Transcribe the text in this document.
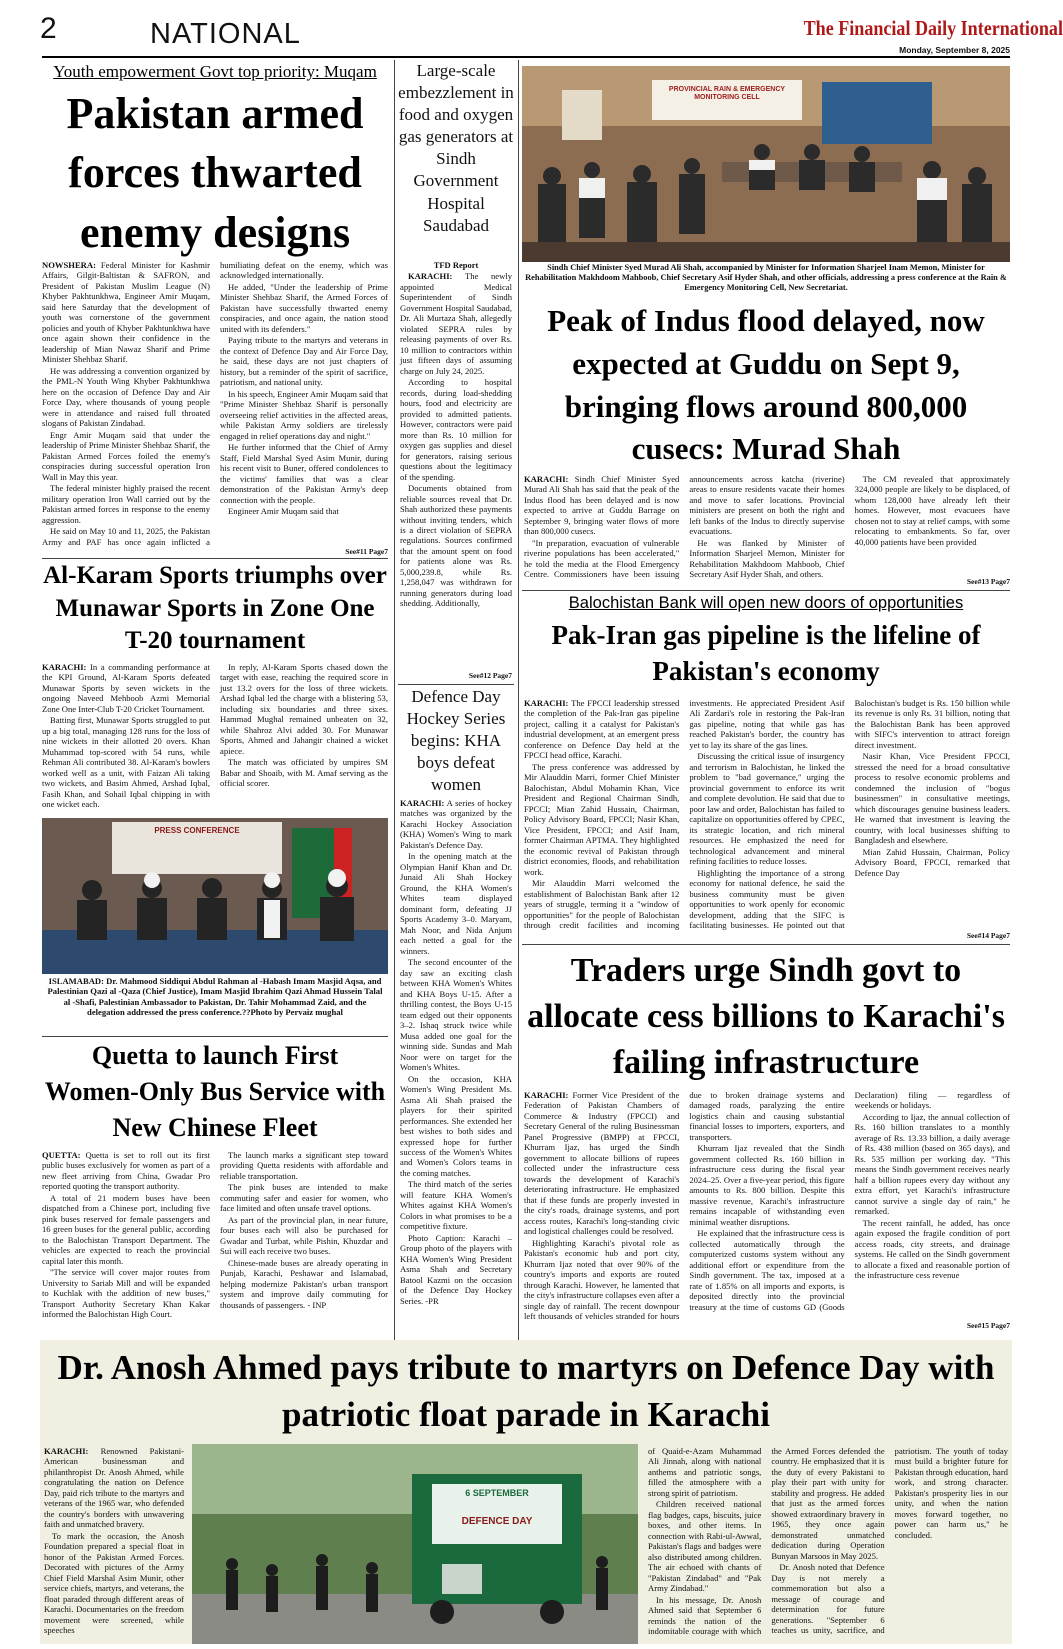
2	NATIONAL	The Financial Daily International
Monday, September 8, 2025
Youth empowerment Govt top priority: Muqam
Pakistan armed forces thwarted enemy designs

NOWSHERA: Federal Minister for Kashmir Affairs, Gilgit-Baltistan & SAFRON, and President of Pakistan Muslim League (N) Khyber Pakhtunkhwa, Engineer Amir Muqam, said here Saturday that the development of youth was cornerstone of the government policies and youth of Khyber Pakhtunkhwa have once again shown their confidence in the leadership of Mian Nawaz Sharif and Prime Minister Shehbaz Sharif.

He was addressing a convention organized by the PML-N Youth Wing Khyber Pakhtunkhwa here on the occasion of Defence Day and Air Force Day, where thousands of young people were in attendance and raised full throated slogans of Pakistan Zindabad.

Engr Amir Muqam said that under the leadership of Prime Minister Shehbaz Sharif, the Pakistan Armed Forces foiled the enemy's conspiracies during successful operation Iron Wall in May this year.

The federal minister highly praised the recent military operation Iron Wall carried out by the Pakistan armed forces in response to the enemy aggression.

He said on May 10 and 11, 2025, the Pakistan Army and PAF has once again inflicted a humiliating defeat on the enemy, which was acknowledged internationally.

He added, "Under the leadership of Prime Minister Shehbaz Sharif, the Armed Forces of Pakistan have successfully thwarted enemy conspiracies, and once again, the nation stood united with its defenders."

Paying tribute to the martyrs and veterans in the context of Defence Day and Air Force Day, he said, these days are not just chapters of history, but a reminder of the spirit of sacrifice, patriotism, and national unity.

In his speech, Engineer Amir Muqam said that "Prime Minister Shehbaz Sharif is personally overseeing relief activities in the affected areas, while Pakistan Army soldiers are tirelessly engaged in relief operations day and night."

He further informed that the Chief of Army Staff, Field Marshal Syed Asim Munir, during his recent visit to Buner, offered condolences to the victims' families that was a clear demonstration of the Pakistan Army's deep connection with the people.

Engineer Amir Muqam said that

See#11 Page7
Al-Karam Sports triumphs over Munawar Sports in Zone One T-20 tournament

KARACHI: In a commanding performance at the KPI Ground, Al-Karam Sports defeated Munawar Sports by seven wickets in the ongoing Naveed Mehboob Azmi Memorial Zone One Inter-Club T-20 Cricket Tournament.

Batting first, Munawar Sports struggled to put up a big total, managing 128 runs for the loss of nine wickets in their allotted 20 overs. Khan Muhammad top-scored with 54 runs, while Rehman Ali contributed 38. Al-Karam's bowlers worked well as a unit, with Faizan Ali taking two wickets, and Basim Ahmed, Arshad Iqbal, Fasih Khan, and Sohail Iqbal chipping in with one wicket each.

In reply, Al-Karam Sports chased down the target with ease, reaching the required score in just 13.2 overs for the loss of three wickets. Arshad Iqbal led the charge with a blistering 53, including six boundaries and three sixes. Hammad Mughal remained unbeaten on 32, while Shahroz Alvi added 30. For Munawar Sports, Ahmed and Jahangir chained a wicket apiece.

The match was officiated by umpires SM Babar and Shoaib, with M. Amaf serving as the official scorer.

PRESS CONFERENCE
ISLAMABAD: Dr. Mahmood Siddiqui Abdul Rahman al -Habash Imam Masjid Aqsa, and Palestinian Qazi al -Qaza (Chief Justice), Imam Masjid Ibrahim Qazi Ahmad Hussein Talal al -Shafi, Palestinian Ambassador to Pakistan, Dr. Tahir Mohammad Zaid, and the delegation addressed the press conference.??Photo by Pervaiz mughal
Quetta to launch First Women-Only Bus Service with New Chinese Fleet

QUETTA: Quetta is set to roll out its first public buses exclusively for women as part of a new fleet arriving from China, Gwadar Pro reported quoting the transport authority.

A total of 21 modern buses have been dispatched from a Chinese port, including five pink buses reserved for female passengers and 16 green buses for the general public, according to the Balochistan Transport Department. The vehicles are expected to reach the provincial capital later this month.

"The service will cover major routes from University to Sariab Mill and will be expanded to Kuchlak with the addition of new buses," Transport Authority Secretary Khan Kakar informed the Balochistan High Court.

The launch marks a significant step toward providing Quetta residents with affordable and reliable transportation.

The pink buses are intended to make commuting safer and easier for women, who face limited and often unsafe travel options.

As part of the provincial plan, in near future, four buses each will also be purchased for Gwadar and Turbat, while Pishin, Khuzdar and Sui will each receive two buses.

Chinese-made buses are already operating in Punjab, Karachi, Peshawar and Islamabad, helping modernize Pakistan's urban transport system and improve daily commuting for thousands of passengers. - INP

Large-scale embezzlement in food and oxygen gas generators at Sindh Government Hospital Saudabad
TFD Report

KARACHI: The newly appointed Medical Superintendent of Sindh Government Hospital Saudabad, Dr. Ali Murtaza Shah, allegedly violated SEPRA rules by releasing payments of over Rs. 10 million to contractors within just fifteen days of assuming charge on July 24, 2025.

According to hospital records, during load-shedding hours, food and electricity are provided to admitted patients. However, contractors were paid more than Rs. 10 million for oxygen gas supplies and diesel for generators, raising serious questions about the legitimacy of the spending.

Documents obtained from reliable sources reveal that Dr. Shah authorized these payments without inviting tenders, which is a direct violation of SEPRA regulations. Sources confirmed that the amount spent on food for patients alone was Rs. 5,000,239.8, while Rs. 1,258,047 was withdrawn for running generators during load shedding. Additionally,

See#12 Page7
Defence Day Hockey Series begins: KHA boys defeat women

KARACHI: A series of hockey matches was organized by the Karachi Hockey Association (KHA) Women's Wing to mark Pakistan's Defence Day.

In the opening match at the Olympian Hanif Khan and Dr. Junaid Ali Shah Hockey Ground, the KHA Women's Whites team displayed dominant form, defeating JJ Sports Academy 3–0. Maryam, Mah Noor, and Nida Anjum each netted a goal for the winners.

The second encounter of the day saw an exciting clash between KHA Women's Whites and KHA Boys U-15. After a thrilling contest, the Boys U-15 team edged out their opponents 3–2. Ishaq struck twice while Musa added one goal for the winning side. Sundas and Mah Noor were on target for the Women's Whites.

On the occasion, KHA Women's Wing President Ms. Asma Ali Shah praised the players for their spirited performances. She extended her best wishes to both sides and expressed hope for further success of the Women's Whites and Women's Colors teams in the coming matches.

The third match of the series will feature KHA Women's Whites against KHA Women's Colors in what promises to be a competitive fixture.

Photo Caption: Karachi – Group photo of the players with KHA Women's Wing President Asma Shah and Secretary Batool Kazmi on the occasion of the Defence Day Hockey Series. -PR

PROVINCIAL RAIN & EMERGENCY MONITORING CELL
Sindh Chief Minister Syed Murad Ali Shah, accompanied by Minister for Information Sharjeel Inam Memon, Minister for Rehabilitation Makhdoom Mahboob, Chief Secretary Asif Hyder Shah, and other officials, addressing a press conference at the Rain & Emergency Monitoring Cell, New Secretariat.
Peak of Indus flood delayed, now expected at Guddu on Sept 9, bringing flows around 800,000 cusecs: Murad Shah

KARACHI: Sindh Chief Minister Syed Murad Ali Shah has said that the peak of the Indus flood has been delayed and is now expected to arrive at Guddu Barrage on September 9, bringing water flows of more than 800,000 cusecs.

"In preparation, evacuation of vulnerable riverine populations has been accelerated," he told the media at the Flood Emergency Centre. Commissioners have been issuing announcements across katcha (riverine) areas to ensure residents vacate their homes and move to safer locations. Provincial ministers are present on both the right and left banks of the Indus to directly supervise evacuations.

He was flanked by Minister of Information Sharjeel Memon, Minister for Rehabilitation Makhdoom Mahboob, Chief Secretary Asif Hyder Shah, and others.

The CM revealed that approximately 324,000 people are likely to be displaced, of whom 128,000 have already left their homes. However, most evacuees have chosen not to stay at relief camps, with some relocating to embankments. So far, over 40,000 patients have been provided

See#13 Page7
Balochistan Bank will open new doors of opportunities
Pak-Iran gas pipeline is the lifeline of Pakistan's economy

KARACHI: The FPCCI leadership stressed the completion of the Pak-Iran gas pipeline project, calling it a catalyst for Pakistan's industrial development, at an emergent press conference on Defence Day held at the FPCCI head office, Karachi.

The press conference was addressed by Mir Alauddin Marri, former Chief Minister Balochistan, Abdul Mohamin Khan, Vice President and Regional Chairman Sindh, FPCCI; Mian Zahid Hussain, Chairman, Policy Advisory Board, FPCCI; Nasir Khan, Vice President, FPCCI; and Asif Inam, former Chairman APTMA. They highlighted the economic revival of Pakistan through district economies, floods, and rehabilitation work.

Mir Alauddin Marri welcomed the establishment of Balochistan Bank after 12 years of struggle, terming it a "window of opportunities" for the people of Balochistan through credit facilities and incoming investments. He appreciated President Asif Ali Zardari's role in restoring the Pak-Iran gas pipeline, noting that while gas has reached Pakistan's border, the country has yet to lay its share of the gas lines.

Discussing the critical issue of insurgency and terrorism in Balochistan, he linked the problem to "bad governance," urging the provincial government to enforce its writ and complete devolution. He said that due to poor law and order, Balochistan has failed to capitalize on opportunities offered by CPEC, its strategic location, and rich mineral resources. He emphasized the need for technological advancement and mineral refining facilities to reduce losses.

Highlighting the importance of a strong economy for national defence, he said the business community must be given opportunities to work openly for economic development, adding that the SIFC is facilitating businesses. He pointed out that Balochistan's budget is Rs. 150 billion while its revenue is only Rs. 31 billion, noting that the Balochistan Bank has been approved with SIFC's intervention to attract foreign direct investment.

Nasir Khan, Vice President FPCCI, stressed the need for a broad consultative process to resolve economic problems and condemned the inclusion of "bogus businessmen" in consultative meetings, which discourages genuine business leaders. He warned that investment is leaving the country, with local businesses shifting to Bangladesh and elsewhere.

Mian Zahid Hussain, Chairman, Policy Advisory Board, FPCCI, remarked that Defence Day

See#14 Page7
Traders urge Sindh govt to allocate cess billions to Karachi's failing infrastructure

KARACHI: Former Vice President of the Federation of Pakistan Chambers of Commerce & Industry (FPCCI) and Secretary General of the ruling Businessman Panel Progressive (BMPP) at FPCCI, Khurram Ijaz, has urged the Sindh government to allocate billions of rupees collected under the infrastructure cess towards the development of Karachi's deteriorating infrastructure. He emphasized that if these funds are properly invested in the city's roads, drainage systems, and port access routes, Karachi's long-standing civic and logistical challenges could be resolved.

Highlighting Karachi's pivotal role as Pakistan's economic hub and port city, Khurram Ijaz noted that over 90% of the country's imports and exports are routed through Karachi. However, he lamented that the city's infrastructure collapses even after a single day of rainfall. The recent downpour left thousands of vehicles stranded for hours due to broken drainage systems and damaged roads, paralyzing the entire logistics chain and causing substantial financial losses to importers, exporters, and transporters.

Khurram Ijaz revealed that the Sindh government collected Rs. 160 billion in infrastructure cess during the fiscal year 2024–25. Over a five-year period, this figure amounts to Rs. 800 billion. Despite this massive revenue, Karachi's infrastructure remains incapable of withstanding even minimal weather disruptions.

He explained that the infrastructure cess is collected automatically through the computerized customs system without any additional effort or expenditure from the Sindh government. The tax, imposed at a rate of 1.85% on all imports and exports, is deposited directly into the provincial treasury at the time of customs GD (Goods Declaration) filing — regardless of weekends or holidays.

According to Ijaz, the annual collection of Rs. 160 billion translates to a monthly average of Rs. 13.33 billion, a daily average of Rs. 438 million (based on 365 days), and Rs. 535 million per working day. "This means the Sindh government receives nearly half a billion rupees every day without any extra effort, yet Karachi's infrastructure cannot survive a single day of rain," he remarked.

The recent rainfall, he added, has once again exposed the fragile condition of port access roads, city streets, and drainage systems. He called on the Sindh government to allocate a fixed and reasonable portion of the infrastructure cess revenue

See#15 Page7
Dr. Anosh Ahmed pays tribute to martyrs on Defence Day with patriotic float parade in Karachi

KARACHI: Renowned Pakistani-American businessman and philanthropist Dr. Anosh Ahmed, while congratulating the nation on Defence Day, paid rich tribute to the martyrs and veterans of the 1965 war, who defended the country's borders with unwavering faith and unmatched bravery.

To mark the occasion, the Anosh Foundation prepared a special float in honor of the Pakistan Armed Forces. Decorated with pictures of the Army Chief Field Marshal Asim Munir, other service chiefs, martyrs, and veterans, the float paraded through different areas of Karachi. Documentaries on the freedom movement were screened, while speeches

6 SEPTEMBER
DEFENCE DAY

of Quaid-e-Azam Muhammad Ali Jinnah, along with national anthems and patriotic songs, filled the atmosphere with a strong spirit of patriotism.

Children received national flag badges, caps, biscuits, juice boxes, and other items. In connection with Rabi-ul-Awwal, Pakistan's flags and badges were also distributed among children. The air echoed with chants of "Pakistan Zindabad" and "Pak Army Zindabad."

In his message, Dr. Anosh Ahmed said that September 6 reminds the nation of the indomitable courage with which the Armed Forces defended the country. He emphasized that it is the duty of every Pakistani to play their part with unity for stability and progress. He added that just as the armed forces showed extraordinary bravery in 1965, they once again demonstrated unmatched dedication during Operation Bunyan Marsoos in May 2025.

Dr. Anosh noted that Defence Day is not merely a commemoration but also a message of courage and determination for future generations. "September 6 teaches us unity, sacrifice, and patriotism. The youth of today must build a brighter future for Pakistan through education, hard work, and strong character. Pakistan's prosperity lies in our unity, and when the nation moves forward together, no power can harm us," he concluded.
